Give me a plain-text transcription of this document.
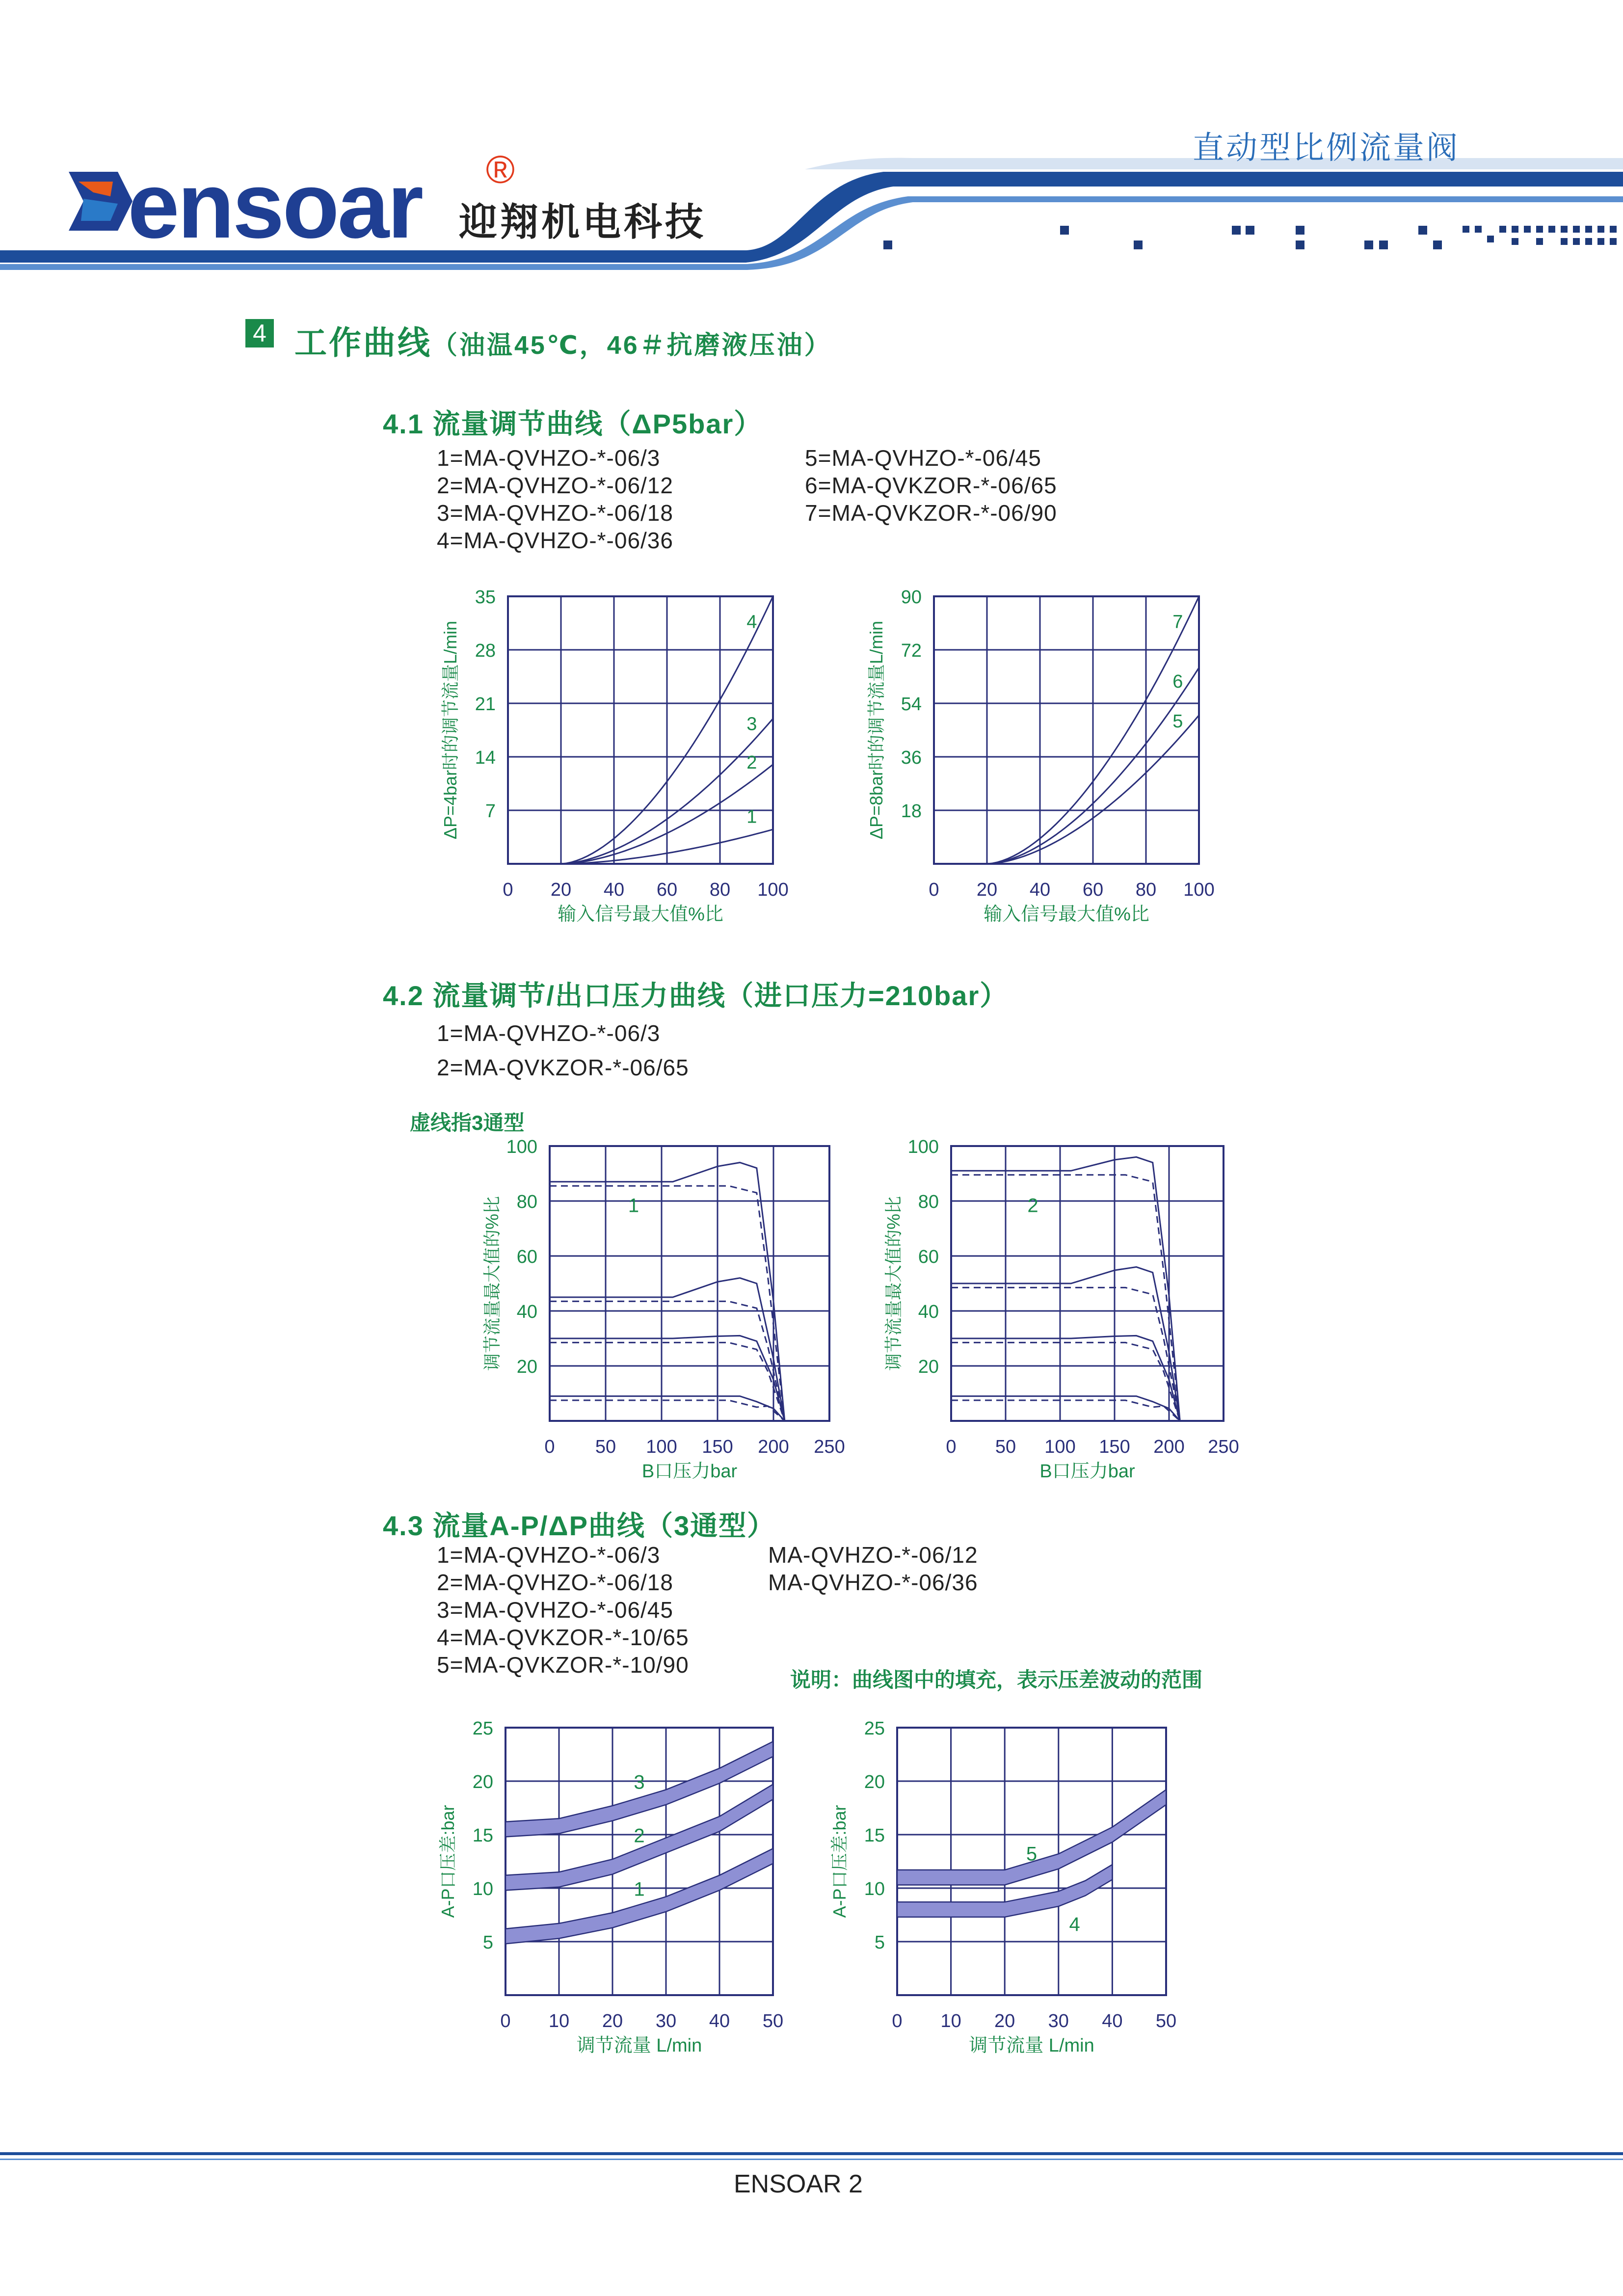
ensoar ®
迎翔机电科技
直动型比例流量阀
4 工作曲线（油温45℃，46＃抗磨液压油）
4.1 流量调节曲线（ΔP5bar）
1=MA-QVHZO-*-06/3
2=MA-QVHZO-*-06/12
3=MA-QVHZO-*-06/18
4=MA-QVHZO-*-06/36
5=MA-QVHZO-*-06/45
6=MA-QVKZOR-*-06/65
7=MA-QVKZOR-*-06/90
4.2 流量调节/出口压力曲线（进口压力=210bar）
1=MA-QVHZO-*-06/3
2=MA-QVKZOR-*-06/65
虚线指3通型
4.3 流量A-P/ΔP曲线（3通型）
1=MA-QVHZO-*-06/3
2=MA-QVHZO-*-06/18
3=MA-QVHZO-*-06/45
4=MA-QVKZOR-*-10/65
5=MA-QVKZOR-*-10/90
MA-QVHZO-*-06/12
MA-QVHZO-*-06/36
说明：曲线图中的填充，表示压差波动的范围
0 20 40 60 80 100
7
14
21
28
35
输入信号最大值%比
ΔP=4bar时的调节流量L/min	1
2
3
4
0 20 40 60 80 100
18
36
54
72
90
输入信号最大值%比
ΔP=8bar时的调节流量L/min	5
6
7
0 50 100 150 200 250
20
40
60
80
100
B口压力bar
调节流量最大值的%比	1
0 50 100 150 200 250
20
40
60
80
100
B口压力bar
调节流量最大值的%比	2
0 10 20 30 40 50
5
10
15
20
25
调节流量 L/min
A-P口压差:bar	1
2
3
0 10 20 30 40 50
5
10
15
20
25
调节流量 L/min
A-P口压差:bar
4
5
ENSOAR 2
